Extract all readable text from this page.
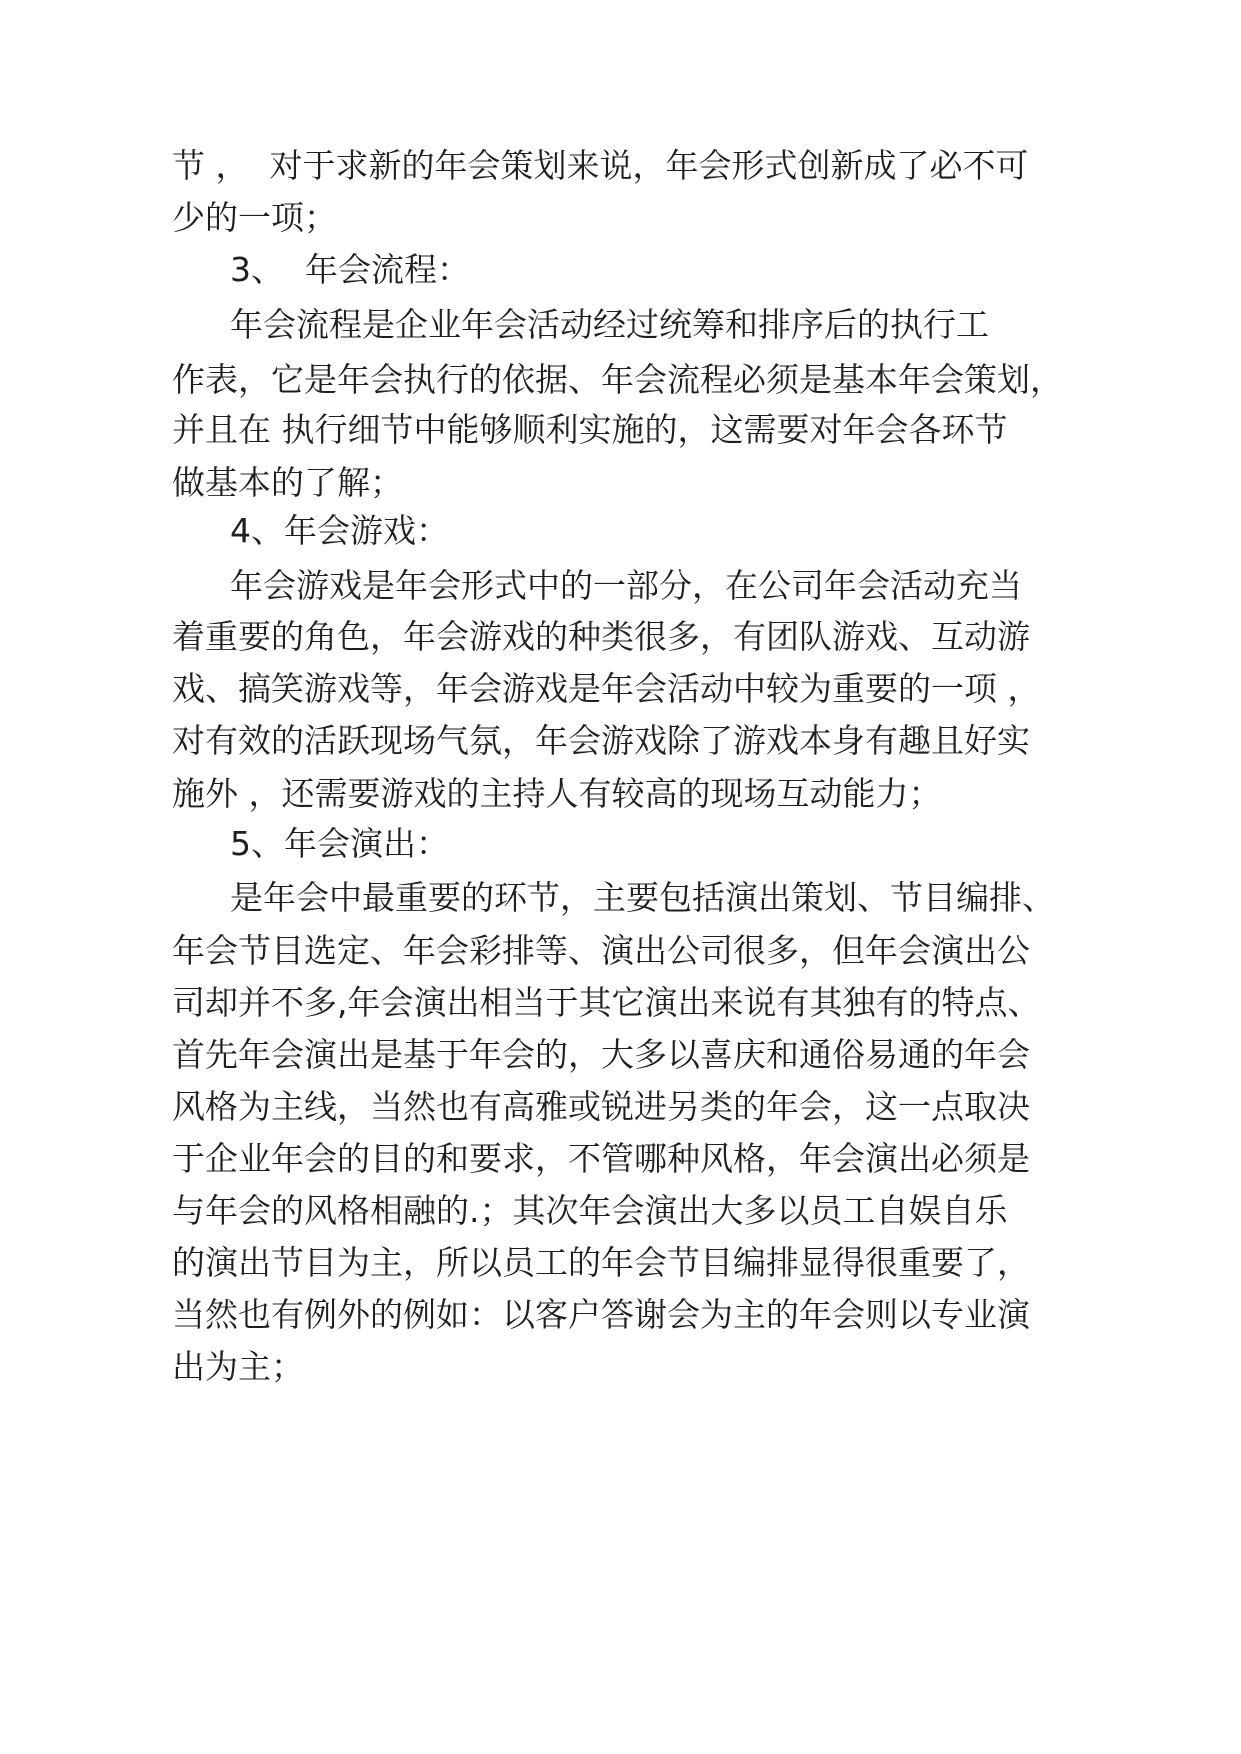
节 ，  对于求新的年会策划来说，年会形式创新成了必不可

少的一项；

3、  年会流程：

年会流程是企业年会活动经过统筹和排序后的执行工

作表，它是年会执行的依据、年会流程必须是基本年会策划，

并且在 执行细节中能够顺利实施的，这需要对年会各环节

做基本的了解；

4、年会游戏：

年会游戏是年会形式中的一部分，在公司年会活动充当

着重要的角色，年会游戏的种类很多，有团队游戏、互动游

戏、搞笑游戏等，年会游戏是年会活动中较为重要的一项 ，

对有效的活跃现场气氛，年会游戏除了游戏本身有趣且好实

施外 ，还需要游戏的主持人有较高的现场互动能力；

5、年会演出：

是年会中最重要的环节，主要包括演出策划、节目编排、

年会节目选定、年会彩排等、演出公司很多，但年会演出公

司却并不多,年会演出相当于其它演出来说有其独有的特点、

首先年会演出是基于年会的，大多以喜庆和通俗易通的年会

风格为主线，当然也有高雅或锐进另类的年会，这一点取决

于企业年会的目的和要求，不管哪种风格，年会演出必须是

与年会的风格相融的.；其次年会演出大多以员工自娱自乐

的演出节目为主，所以员工的年会节目编排显得很重要了，

当然也有例外的例如：以客户答谢会为主的年会则以专业演

出为主；
